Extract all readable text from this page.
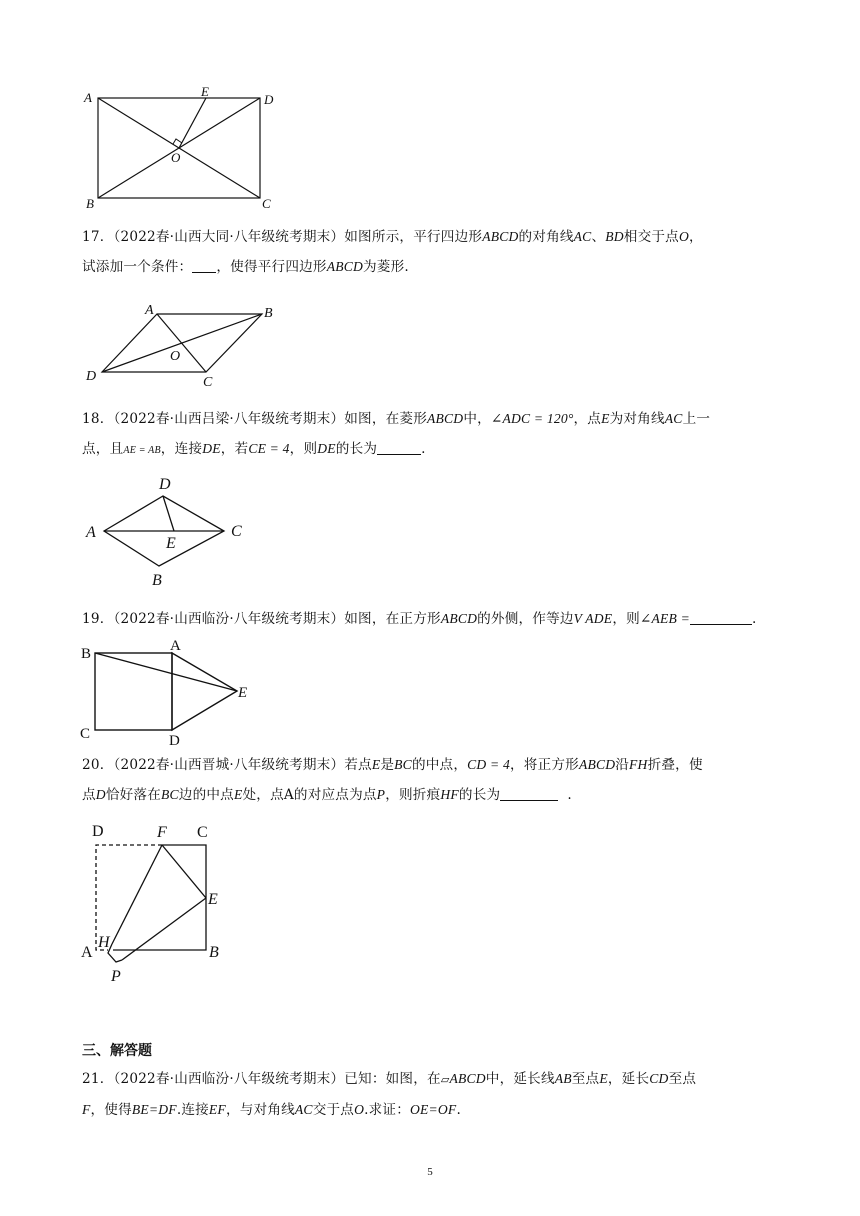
A
B	C
D
E
O
17．（2022春·山西大同·八年级统考期末）如图所示，平行四边形ABCD的对角线AC、BD相交于点O，
试添加一个条件： ，使得平行四边形ABCD为菱形.
A	B
C
D
O
18．（2022春·山西吕梁·八年级统考期末）如图，在菱形ABCD中，∠ADC = 120°，点E为对角线AC上一
点，且AE = AB，连接DE，若CE = 4，则DE的长为	.
A
B
C
D
E
19．（2022春·山西临汾·八年级统考期末）如图，在正方形ABCD的外侧，作等边V ADE，则∠AEB =	.
A
B
C	D
E
20．（2022春·山西晋城·八年级统考期末）若点E是BC的中点，CD = 4，将正方形ABCD沿FH折叠，使
点D恰好落在BC边的中点E处，点A的对应点为点P，则折痕HF的长为	.
D	F C
E
A
H
B
P
三、解答题
21．（2022春·山西临汾·八年级统考期末）已知：如图，在▱ABCD中，延长线AB至点E，延长CD至点
F，使得BE=DF.连接EF，与对角线AC交于点O.求证：OE=OF.
5
